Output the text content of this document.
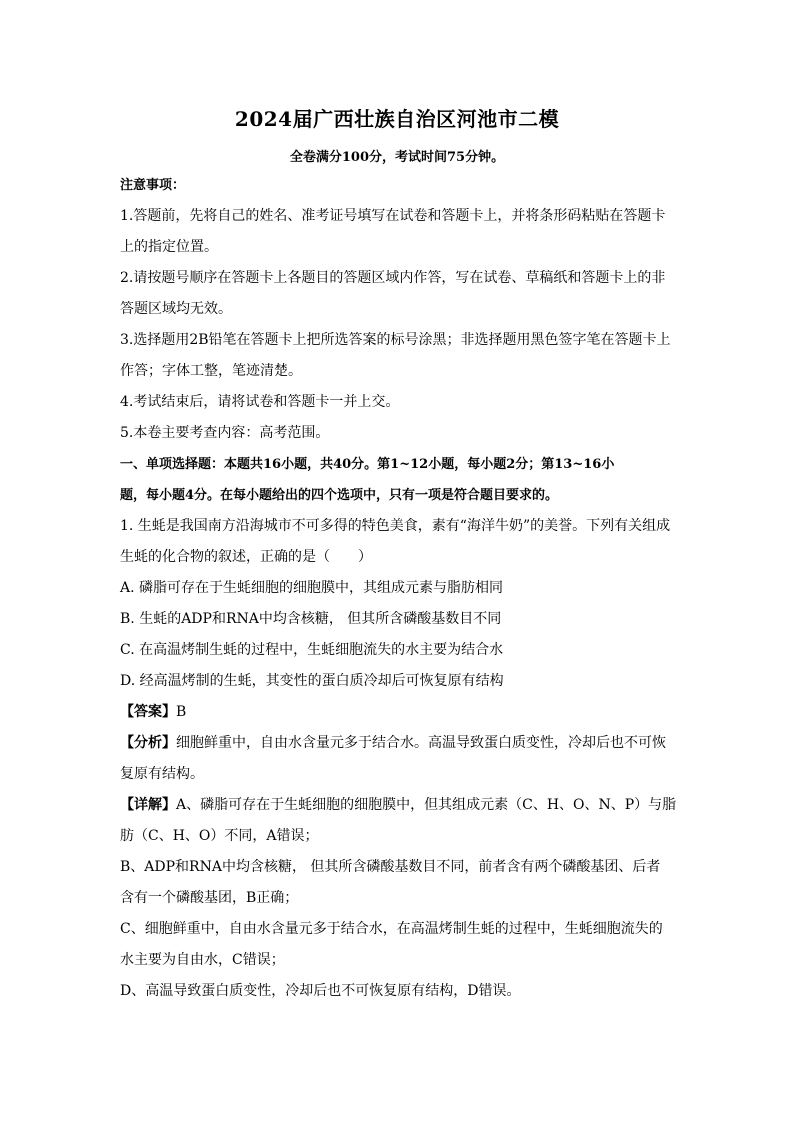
2024届广西壮族自治区河池市二模
全卷满分100分，考试时间75分钟。
注意事项：
1.答题前，先将自己的姓名、准考证号填写在试卷和答题卡上，并将条形码粘贴在答题卡
上的指定位置。
2.请按题号顺序在答题卡上各题目的答题区域内作答，写在试卷、草稿纸和答题卡上的非
答题区域均无效。
3.选择题用2B铅笔在答题卡上把所选答案的标号涂黑；非选择题用黑色签字笔在答题卡上
作答；字体工整，笔迹清楚。
4.考试结束后，请将试卷和答题卡一并上交。
5.本卷主要考查内容：高考范围。
一、单项选择题：本题共16小题，共40分。第1~12小题，每小题2分；第13~16小
题，每小题4分。在每小题给出的四个选项中，只有一项是符合题目要求的。
1. 生蚝是我国南方沿海城市不可多得的特色美食，素有“海洋牛奶”的美誉。下列有关组成
生蚝的化合物的叙述，正确的是（　　）
A. 磷脂可存在于生蚝细胞的细胞膜中，其组成元素与脂肪相同
B. 生蚝的ADP和RNA中均含核糖， 但其所含磷酸基数目不同
C. 在高温烤制生蚝的过程中，生蚝细胞流失的水主要为结合水
D. 经高温烤制的生蚝，其变性的蛋白质冷却后可恢复原有结构
【答案】B
【分析】细胞鲜重中，自由水含量元多于结合水。高温导致蛋白质变性，冷却后也不可恢
复原有结构。
【详解】A、磷脂可存在于生蚝细胞的细胞膜中，但其组成元素（C、H、O、N、P）与脂
肪（C、H、O）不同，A错误；
B、ADP和RNA中均含核糖， 但其所含磷酸基数目不同，前者含有两个磷酸基团、后者
含有一个磷酸基团，B正确；
C、细胞鲜重中，自由水含量元多于结合水，在高温烤制生蚝的过程中，生蚝细胞流失的
水主要为自由水，C错误；
D、高温导致蛋白质变性，冷却后也不可恢复原有结构，D错误。
